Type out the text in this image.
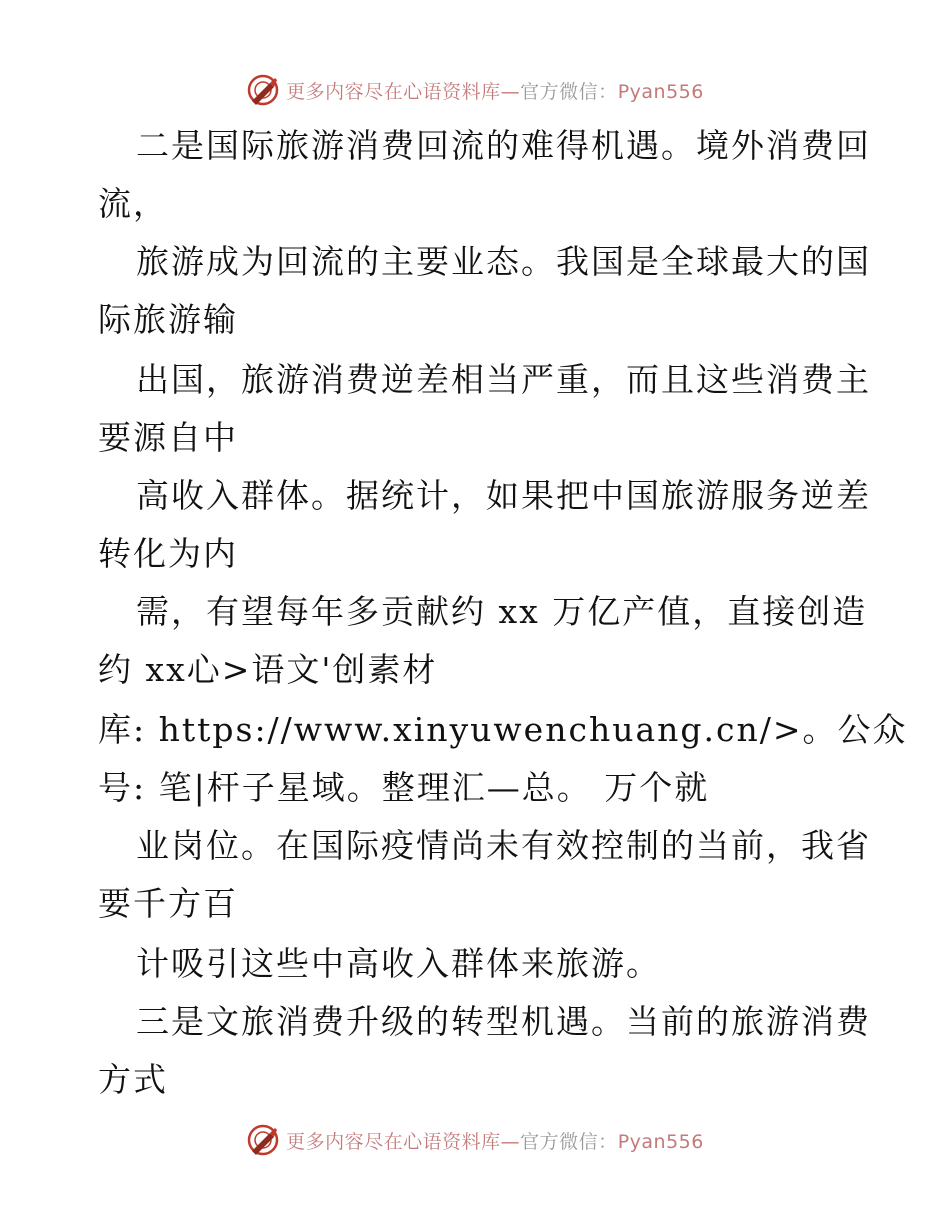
更多内容尽在心语资料库—官方微信：Pyan556
二是国际旅游消费回流的难得机遇。境外消费回
流，
旅游成为回流的主要业态。我国是全球最大的国
际旅游输
出国，旅游消费逆差相当严重，而且这些消费主
要源自中
高收入群体。据统计，如果把中国旅游服务逆差
转化为内
需，有望每年多贡献约 xx 万亿产值，直接创造
约 xx心>语文'创素材
库: https://www.xinyuwenchuang.cn/>。公众
号: 笔|杆子星域。整理汇—总。 万个就
业岗位。在国际疫情尚未有效控制的当前，我省
要千方百
计吸引这些中高收入群体来旅游。
三是文旅消费升级的转型机遇。当前的旅游消费
方式
更多内容尽在心语资料库—官方微信：Pyan556
